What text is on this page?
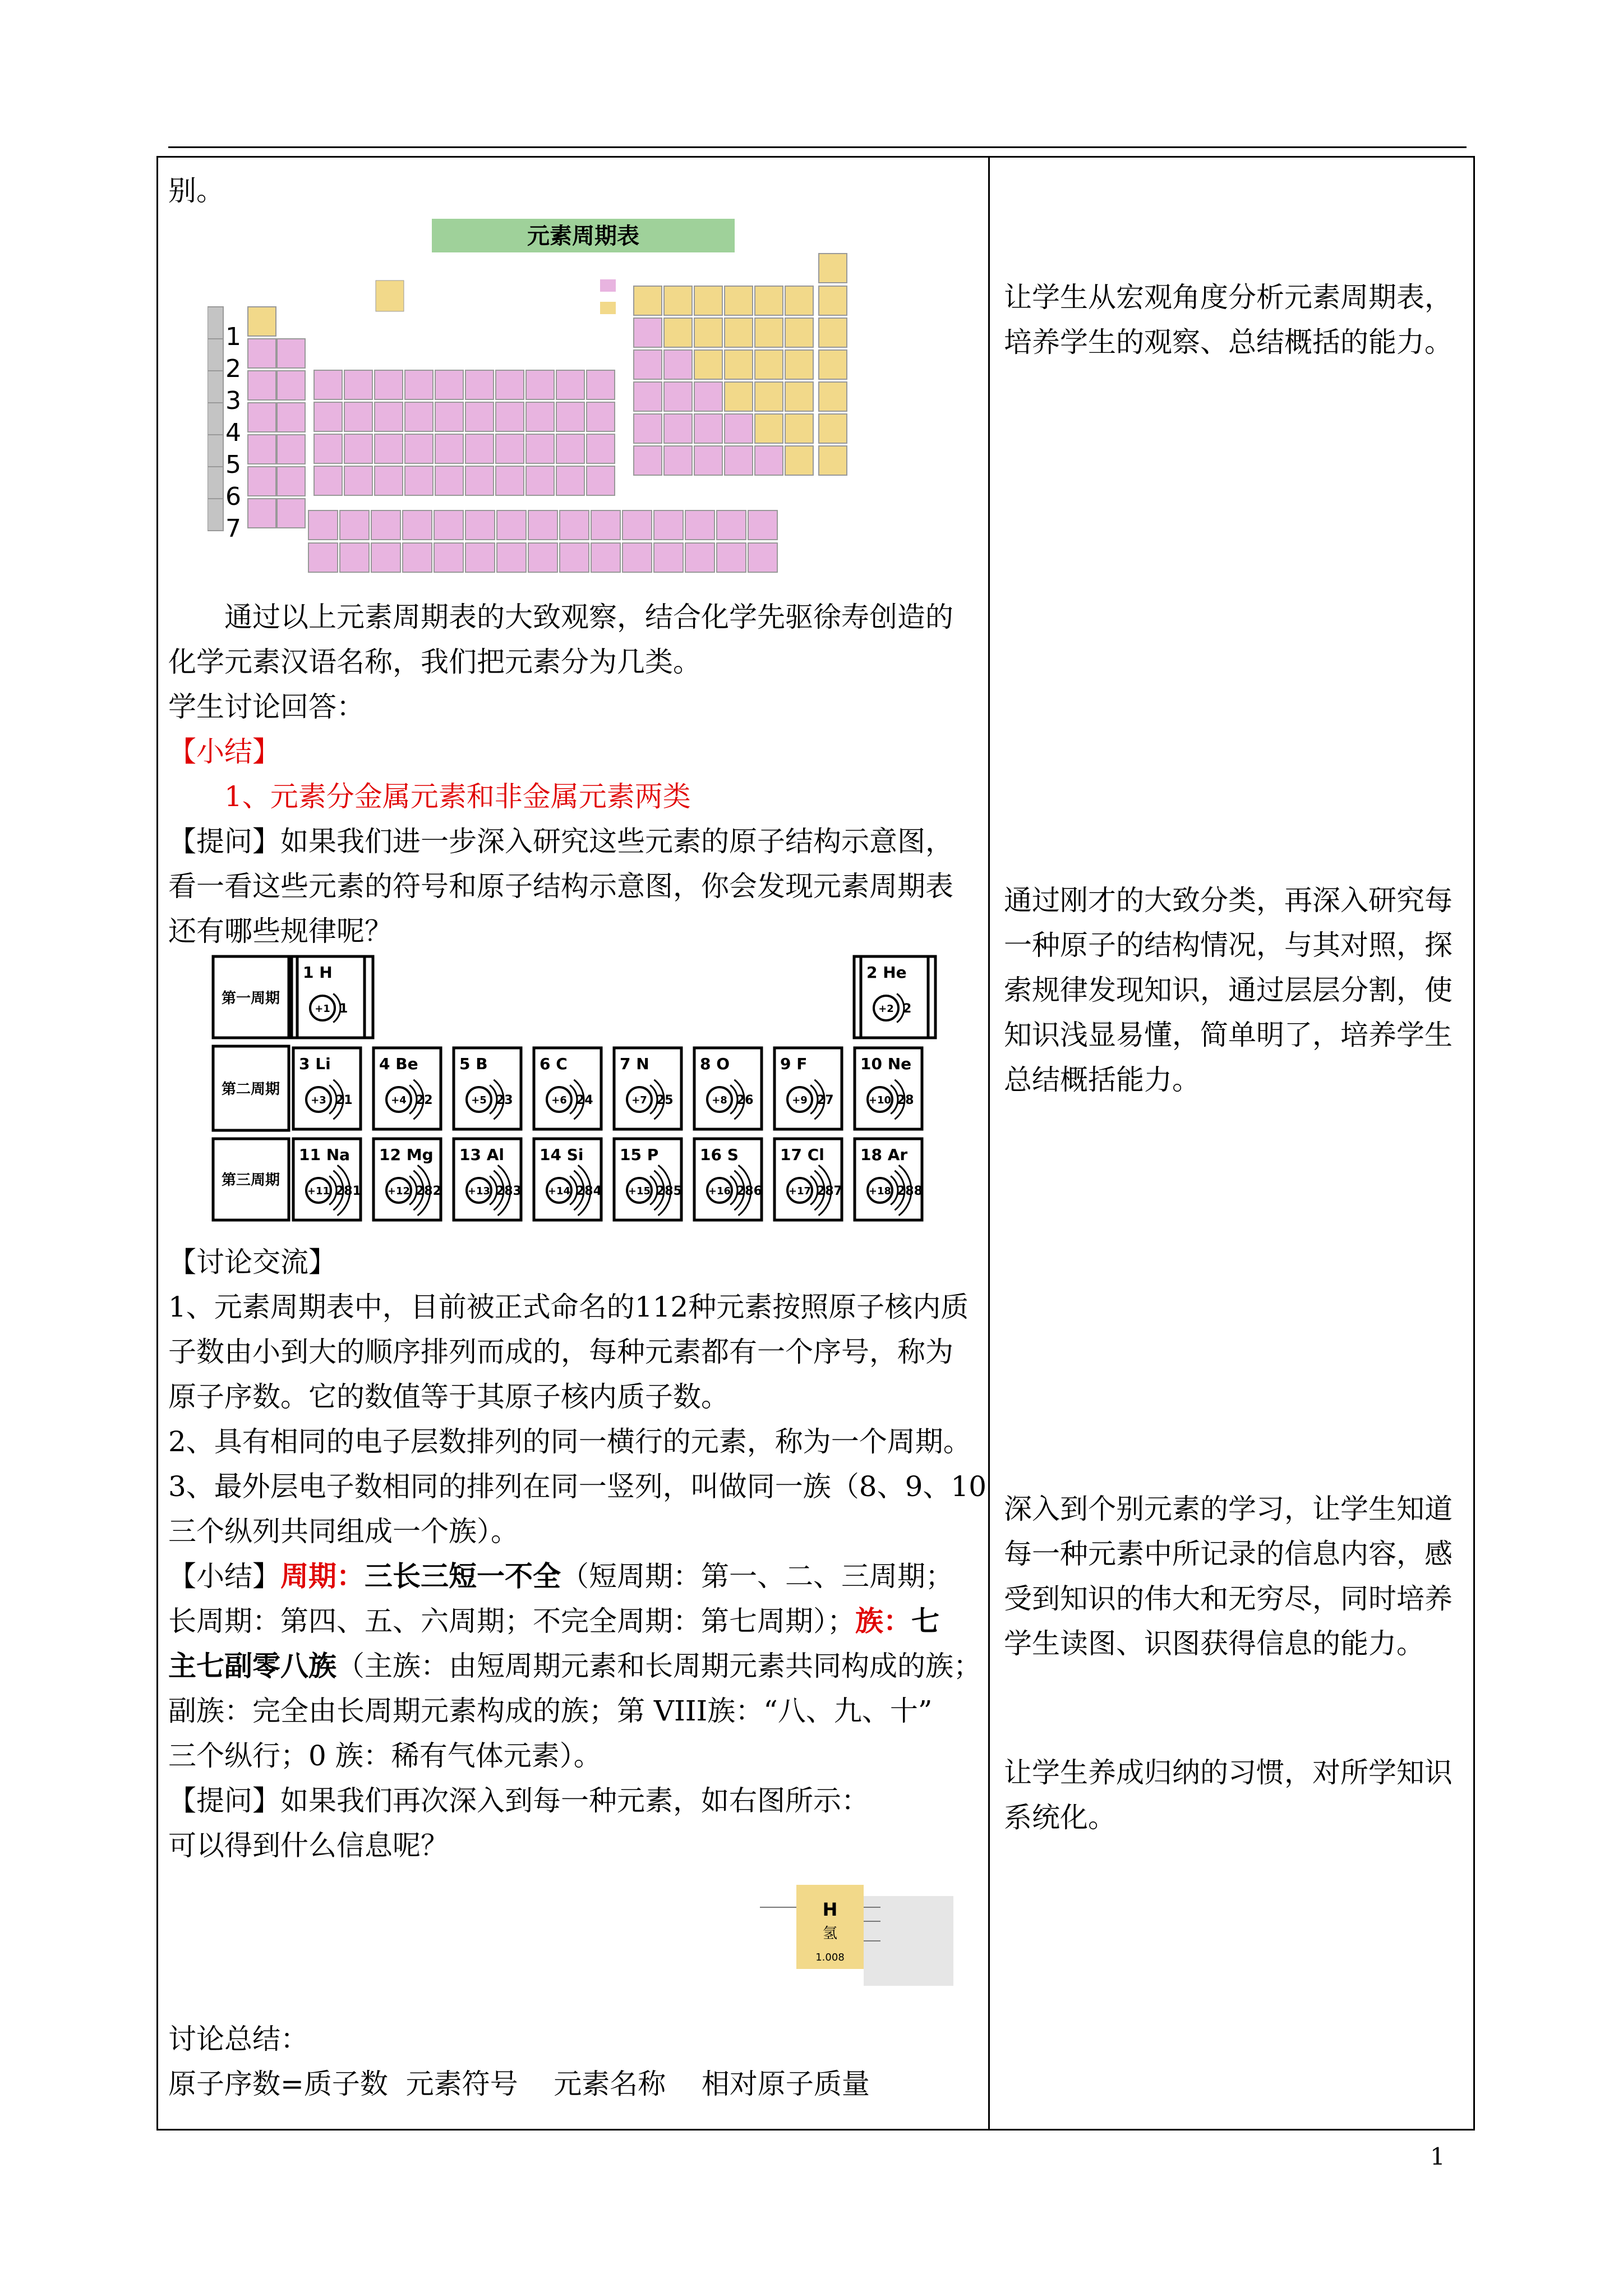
别。

元素周期表
1
2
3
4
5
6
7

通过以上元素周期表的大致观察，结合化学先驱徐寿创造的

化学元素汉语名称，我们把元素分为几类。

学生讨论回答：

【小结】

1、元素分金属元素和非金属元素两类

【提问】如果我们进一步深入研究这些元素的原子结构示意图，

看一看这些元素的符号和原子结构示意图，你会发现元素周期表

还有哪些规律呢？

第一周期
第二周期
第三周期
1 H
+1 1
2 He
+2 2
3 Li
+3 21
4 Be
+4 22
5 B
+5 23
6 C
+6 24
7 N
+7 25
8 O
+8 26
9 F
+9 27
10 Ne
+10 28
11 Na
+11 281
12 Mg
+12 282
13 Al
+13 283
14 Si
+14 284
15 P
+15 285
16 S
+16 286
17 Cl
+17 287
18 Ar
+18 288

【讨论交流】

1、元素周期表中，目前被正式命名的112种元素按照原子核内质

子数由小到大的顺序排列而成的，每种元素都有一个序号，称为

原子序数。它的数值等于其原子核内质子数。

2、具有相同的电子层数排列的同一横行的元素，称为一个周期。

3、最外层电子数相同的排列在同一竖列，叫做同一族（8、9、10

三个纵列共同组成一个族）。

【小结】周期：三长三短一不全（短周期：第一、二、三周期；

长周期：第四、五、六周期；不完全周期：第七周期）；族：七

主七副零八族（主族：由短周期元素和长周期元素共同构成的族；

副族：完全由长周期元素构成的族；第 VIII族：“八、九、十”

三个纵行；0 族：稀有气体元素）。

【提问】如果我们再次深入到每一种元素，如右图所示：

可以得到什么信息呢？

H
氢
1.008

讨论总结：

原子序数=质子数  元素符号    元素名称    相对原子质量

让学生从宏观角度分析元素周期表，

培养学生的观察、总结概括的能力。

通过刚才的大致分类，再深入研究每

一种原子的结构情况，与其对照，探

索规律发现知识，通过层层分割，使

知识浅显易懂，简单明了，培养学生

总结概括能力。

深入到个别元素的学习，让学生知道

每一种元素中所记录的信息内容，感

受到知识的伟大和无穷尽，同时培养

学生读图、识图获得信息的能力。

让学生养成归纳的习惯，对所学知识

系统化。

1
